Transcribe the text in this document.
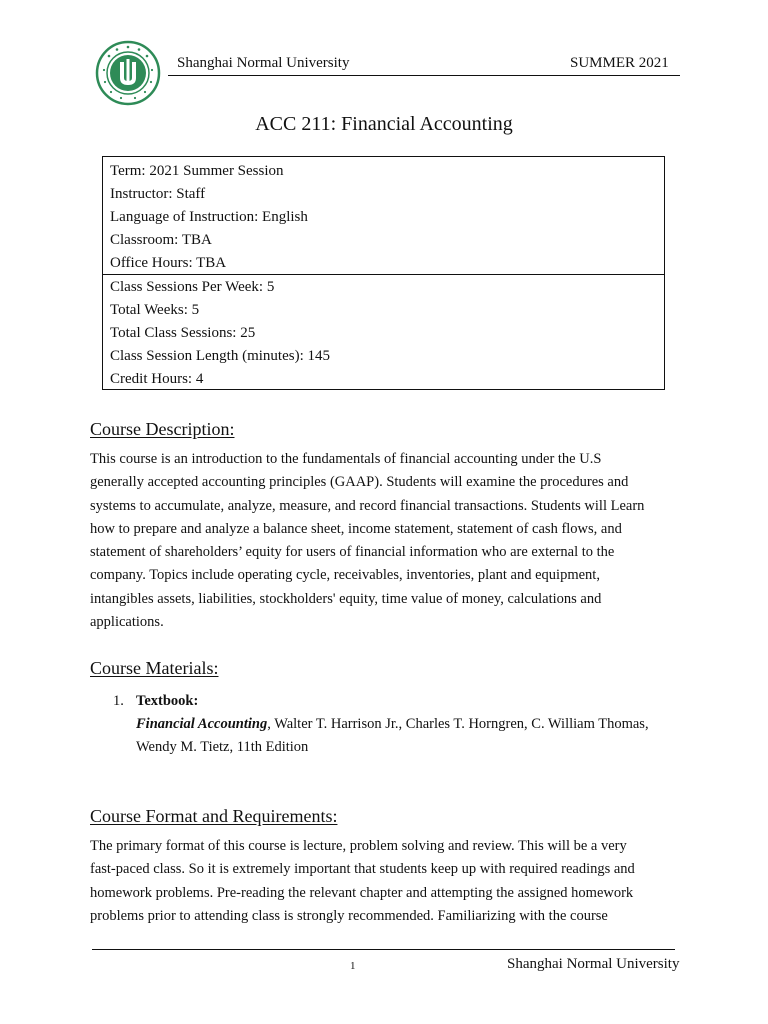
Shanghai Normal University	SUMMER 2021
ACC 211: Financial Accounting
Term: 2021 Summer Session
Instructor: Staff
Language of Instruction: English
Classroom: TBA
Office Hours: TBA
Class Sessions Per Week: 5
Total Weeks: 5
Total Class Sessions: 25
Class Session Length (minutes): 145
Credit Hours: 4
Course Description:
This course is an introduction to the fundamentals of financial accounting under the U.S
generally accepted accounting principles (GAAP). Students will examine the procedures and
systems to accumulate, analyze, measure, and record financial transactions. Students will Learn
how to prepare and analyze a balance sheet, income statement, statement of cash flows, and
statement of shareholders’ equity for users of financial information who are external to the
company. Topics include operating cycle, receivables, inventories, plant and equipment,
intangibles assets, liabilities, stockholders' equity, time value of money, calculations and
applications.
Course Materials:
1. Textbook:
Financial Accounting, Walter T. Harrison Jr., Charles T. Horngren, C. William Thomas,
Wendy M. Tietz, 11th Edition
Course Format and Requirements:
The primary format of this course is lecture, problem solving and review. This will be a very
fast-paced class. So it is extremely important that students keep up with required readings and
homework problems. Pre-reading the relevant chapter and attempting the assigned homework
problems prior to attending class is strongly recommended. Familiarizing with the course
1	Shanghai Normal University
